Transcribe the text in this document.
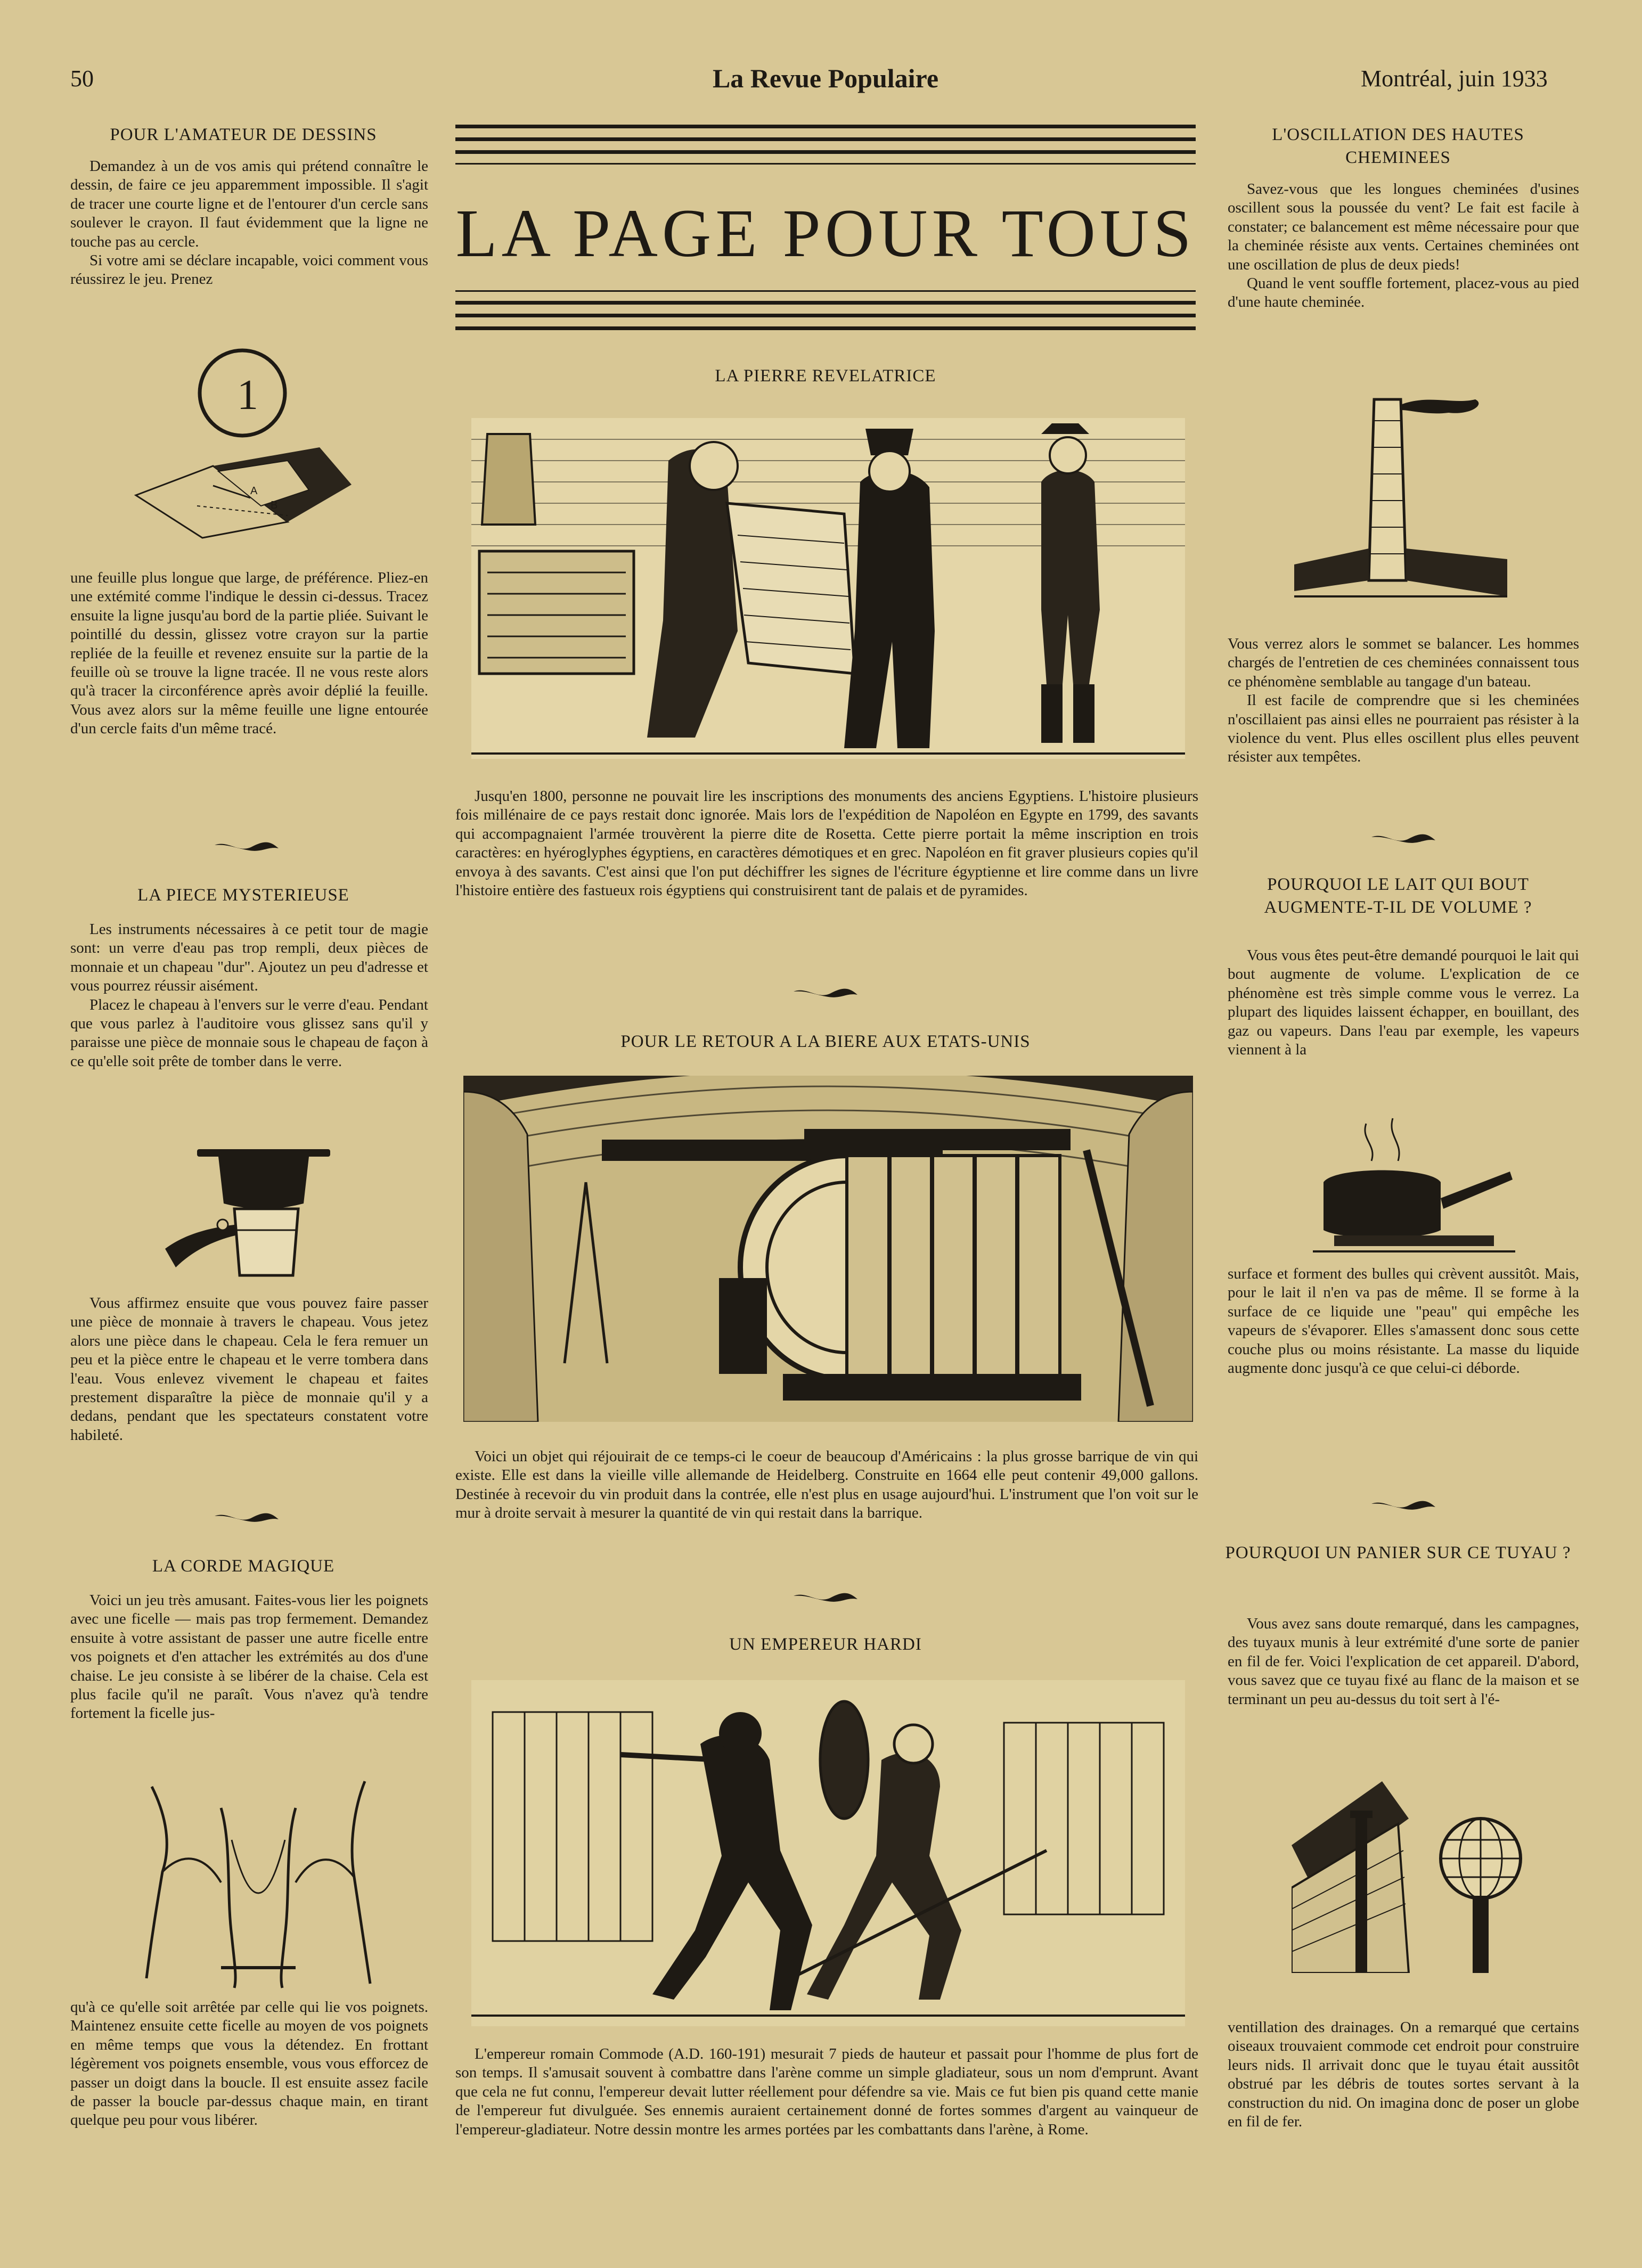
50	La Revue Populaire	Montréal, juin 1933
LA PAGE POUR TOUS
POUR L'AMATEUR DE DESSINS

Demandez à un de vos amis qui prétend connaître le dessin, de faire ce jeu apparemment impossible. Il s'agit de tracer une courte ligne et de l'entourer d'un cercle sans soulever le crayon. Il faut évidemment que la ligne ne touche pas au cercle.

Si votre ami se déclare incapable, voici comment vous réussirez le jeu. Prenez

1
A
B

une feuille plus longue que large, de préférence. Pliez-en une extémité comme l'indique le dessin ci-dessus. Tracez ensuite la ligne jusqu'au bord de la partie pliée. Suivant le pointillé du dessin, glissez votre crayon sur la partie repliée de la feuille et revenez ensuite sur la partie de la feuille où se trouve la ligne tracée. Il ne vous reste alors qu'à tracer la circonférence après avoir déplié la feuille. Vous avez alors sur la même feuille une ligne entourée d'un cercle faits d'un même tracé.

LA PIECE MYSTERIEUSE

Les instruments nécessaires à ce petit tour de magie sont: un verre d'eau pas trop rempli, deux pièces de monnaie et un chapeau "dur". Ajoutez un peu d'adresse et vous pourrez réussir aisément.

Placez le chapeau à l'envers sur le verre d'eau. Pendant que vous parlez à l'auditoire vous glissez sans qu'il y paraisse une pièce de monnaie sous le chapeau de façon à ce qu'elle soit prête de tomber dans le verre.

Vous affirmez ensuite que vous pouvez faire passer une pièce de monnaie à travers le chapeau. Vous jetez alors une pièce dans le chapeau. Cela le fera remuer un peu et la pièce entre le chapeau et le verre tombera dans l'eau. Vous enlevez vivement le chapeau et faites prestement disparaître la pièce de monnaie qu'il y a dedans, pendant que les spectateurs constatent votre habileté.

LA CORDE MAGIQUE

Voici un jeu très amusant. Faites-vous lier les poignets avec une ficelle — mais pas trop fermement. Demandez ensuite à votre assistant de passer une autre ficelle entre vos poignets et d'en attacher les extrémités au dos d'une chaise. Le jeu consiste à se libérer de la chaise. Cela est plus facile qu'il ne paraît. Vous n'avez qu'à tendre fortement la ficelle jus-

qu'à ce qu'elle soit arrêtée par celle qui lie vos poignets. Maintenez ensuite cette ficelle au moyen de vos poignets en même temps que vous la détendez. En frottant légèrement vos poignets ensemble, vous vous efforcez de passer un doigt dans la boucle. Il est ensuite assez facile de passer la boucle par-dessus chaque main, en tirant quelque peu pour vous libérer.

LA PIERRE REVELATRICE

Jusqu'en 1800, personne ne pouvait lire les inscriptions des monuments des anciens Egyptiens. L'histoire plusieurs fois millénaire de ce pays restait donc ignorée. Mais lors de l'expédition de Napoléon en Egypte en 1799, des savants qui accompagnaient l'armée trouvèrent la pierre dite de Rosetta. Cette pierre portait la même inscription en trois caractères: en hyéroglyphes égyptiens, en caractères démotiques et en grec. Napoléon en fit graver plusieurs copies qu'il envoya à des savants. C'est ainsi que l'on put déchiffrer les signes de l'écriture égyptienne et lire comme dans un livre l'histoire entière des fastueux rois égyptiens qui construisirent tant de palais et de pyramides.

POUR LE RETOUR A LA BIERE AUX ETATS-UNIS

Voici un objet qui réjouirait de ce temps-ci le coeur de beaucoup d'Américains : la plus grosse barrique de vin qui existe. Elle est dans la vieille ville allemande de Heidelberg. Construite en 1664 elle peut contenir 49,000 gallons. Destinée à recevoir du vin produit dans la contrée, elle n'est plus en usage aujourd'hui. L'instrument que l'on voit sur le mur à droite servait à mesurer la quantité de vin qui restait dans la barrique.

UN EMPEREUR HARDI

L'empereur romain Commode (A.D. 160-191) mesurait 7 pieds de hauteur et passait pour l'homme de plus fort de son temps. Il s'amusait souvent à combattre dans l'arène comme un simple gladiateur, sous un nom d'emprunt. Avant que cela ne fut connu, l'empereur devait lutter réellement pour défendre sa vie. Mais ce fut bien pis quand cette manie de l'empereur fut divulguée. Ses ennemis auraient certainement donné de fortes sommes d'argent au vainqueur de l'empereur-gladiateur. Notre dessin montre les armes portées par les combattants dans l'arène, à Rome.

L'OSCILLATION DES HAUTES CHEMINEES

Savez-vous que les longues cheminées d'usines oscillent sous la poussée du vent? Le fait est facile à constater; ce balancement est même nécessaire pour que la cheminée résiste aux vents. Certaines cheminées ont une oscillation de plus de deux pieds!

Quand le vent souffle fortement, placez-vous au pied d'une haute cheminée.

Vous verrez alors le sommet se balancer. Les hommes chargés de l'entretien de ces cheminées connaissent tous ce phénomène semblable au tangage d'un bateau.

Il est facile de comprendre que si les cheminées n'oscillaient pas ainsi elles ne pourraient pas résister à la violence du vent. Plus elles oscillent plus elles peuvent résister aux tempêtes.

POURQUOI LE LAIT QUI BOUT AUGMENTE-T-IL DE VOLUME ?

Vous vous êtes peut-être demandé pourquoi le lait qui bout augmente de volume. L'explication de ce phénomène est très simple comme vous le verrez. La plupart des liquides laissent échapper, en bouillant, des gaz ou vapeurs. Dans l'eau par exemple, les vapeurs viennent à la

surface et forment des bulles qui crèvent aussitôt. Mais, pour le lait il n'en va pas de même. Il se forme à la surface de ce liquide une "peau" qui empêche les vapeurs de s'évaporer. Elles s'amassent donc sous cette couche plus ou moins résistante. La masse du liquide augmente donc jusqu'à ce que celui-ci déborde.

POURQUOI UN PANIER SUR CE TUYAU ?

Vous avez sans doute remarqué, dans les campagnes, des tuyaux munis à leur extrémité d'une sorte de panier en fil de fer. Voici l'explication de cet appareil. D'abord, vous savez que ce tuyau fixé au flanc de la maison et se terminant un peu au-dessus du toit sert à l'é-

ventillation des drainages. On a remarqué que certains oiseaux trouvaient commode cet endroit pour construire leurs nids. Il arrivait donc que le tuyau était aussitôt obstrué par les débris de toutes sortes servant à la construction du nid. On imagina donc de poser un globe en fil de fer.
